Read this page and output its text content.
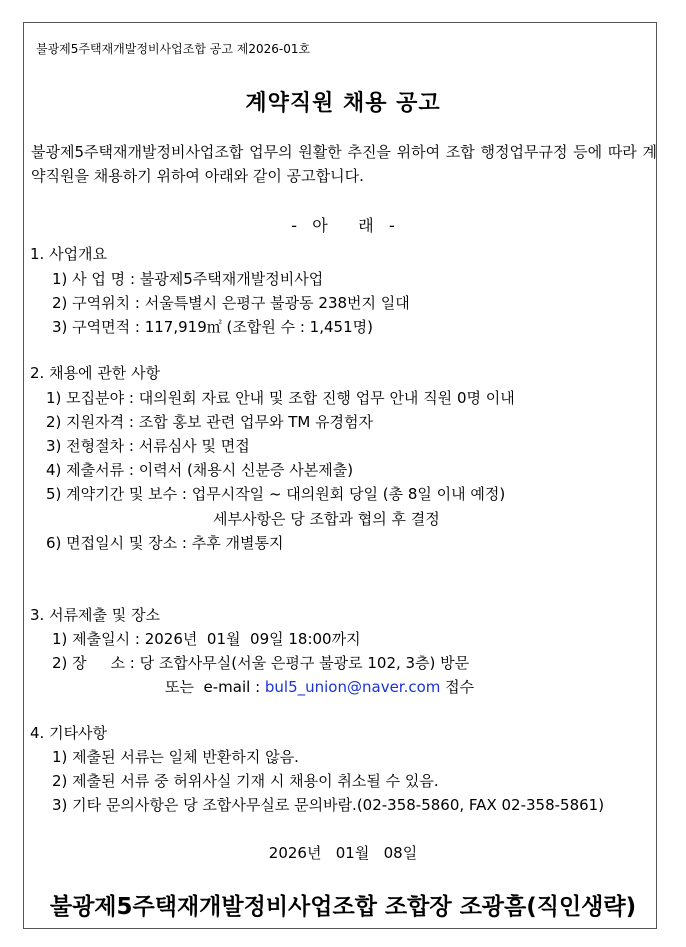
불광제5주택재개발정비사업조합 공고 제2026-01호
계약직원 채용 공고
불광제5주택재개발정비사업조합 업무의 원활한 추진을 위하여 조합 행정업무규정 등에 따라 계약직원을 채용하기 위하여 아래와 같이 공고합니다.
-   아      래   -
1. 사업개요
1) 사 업 명 : 불광제5주택재개발정비사업
2) 구역위치 : 서울특별시 은평구 불광동 238번지 일대
3) 구역면적 : 117,919㎡ (조합원 수 : 1,451명)
2. 채용에 관한 사항
1) 모집분야 : 대의원회 자료 안내 및 조합 진행 업무 안내 직원 0명 이내
2) 지원자격 : 조합 홍보 관련 업무와 TM 유경험자
3) 전형절차 : 서류심사 및 면접
4) 제출서류 : 이력서 (채용시 신분증 사본제출)
5) 계약기간 및 보수 : 업무시작일 ~ 대의원회 당일 (총 8일 이내 예정)
세부사항은 당 조합과 협의 후 결정
6) 면접일시 및 장소 : 추후 개별통지
3. 서류제출 및 장소
1) 제출일시 : 2026년  01월  09일 18:00까지
2) 장     소 : 당 조합사무실(서울 은평구 불광로 102, 3층) 방문
또는  e-mail : bul5_union@naver.com 접수
4. 기타사항
1) 제출된 서류는 일체 반환하지 않음.
2) 제출된 서류 중 허위사실 기재 시 채용이 취소될 수 있음.
3) 기타 문의사항은 당 조합사무실로 문의바람.(02-358-5860, FAX 02-358-5861)
2026년   01월   08일
불광제5주택재개발정비사업조합 조합장 조광흠(직인생략)
